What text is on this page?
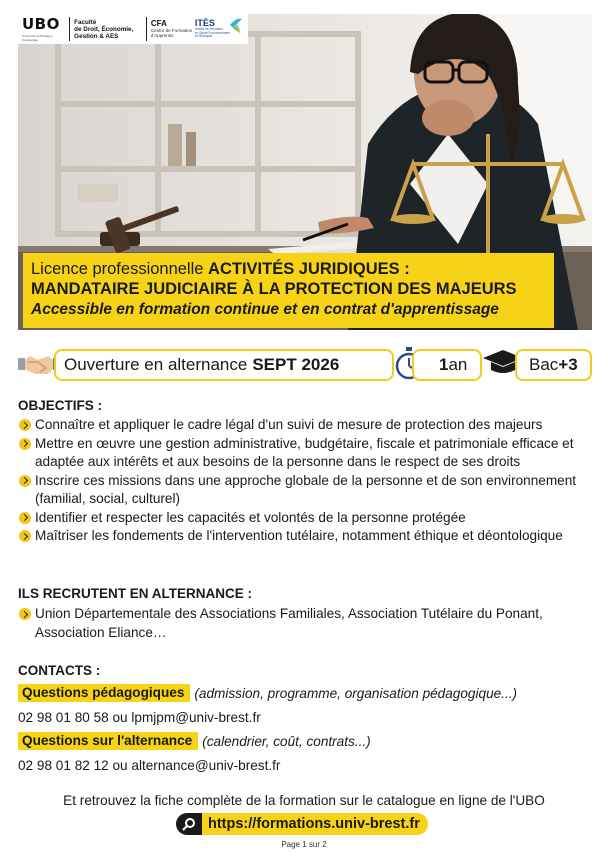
UBO
Université de Bretagne Occidentale
Faculté
de Droit, Économie,
Gestion & AES
CFA
Centre de Formation
d'Apprentis
ITÈS
Institut de formation
en Santé Environnement
en Bretagne
Licence professionnelle ACTIVITÉS JURIDIQUES :
MANDATAIRE JUDICIAIRE À LA PROTECTION DES MAJEURS
Accessible en formation continue et en contrat d'apprentissage
Ouverture en alternance SEPT 2026	1 an	Bac +3
OBJECTIFS :
Connaître et appliquer le cadre légal d'un suivi de mesure de protection des majeurs
Mettre en œuvre une gestion administrative, budgétaire, fiscale et patrimoniale efficace et adaptée aux intérêts et aux besoins de la personne dans le respect de ses droits
Inscrire ces missions dans une approche globale de la personne et de son environnement (familial, social, culturel)
Identifier et respecter les capacités et volontés de la personne protégée
Maîtriser les fondements de l'intervention tutélaire, notamment éthique et déontologique
ILS RECRUTENT EN ALTERNANCE :
Union Départementale des Associations Familiales, Association Tutélaire du Ponant, Association Eliance…
CONTACTS :
Questions pédagogiques (admission, programme, organisation pédagogique...)
02 98 01 80 58 ou lpmjpm@univ-brest.fr
Questions sur l'alternance (calendrier, coût, contrats...)
02 98 01 82 12 ou alternance@univ-brest.fr
Et retrouvez la fiche complète de la formation sur le catalogue en ligne de l'UBO
https://formations.univ-brest.fr
Page 1 sur 2
